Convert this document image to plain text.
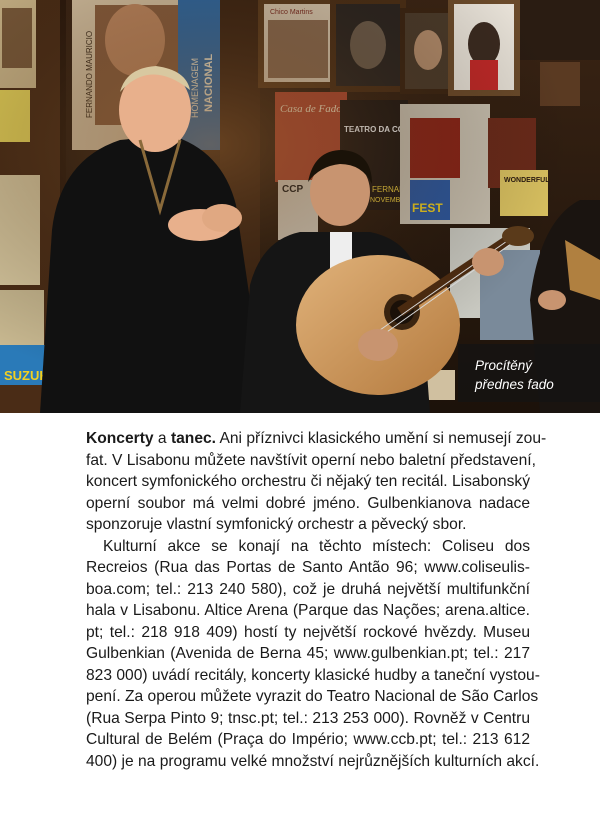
Procítěný
přednes fado
Koncerty a tanec. Ani příznivci klasického umění si nemusejí zou-
fat. V Lisabonu můžete navštívit operní nebo baletní představení,
koncert symfonického orchestru či nějaký ten recitál. Lisabonský
operní soubor má velmi dobré jméno. Gulbenkianova nadace
sponzoruje vlastní symfonický orchestr a pěvecký sbor.
Kulturní akce se konají na těchto místech: Coliseu dos
Recreios (Rua das Portas de Santo Antão 96; www.coliseulis-
boa.com; tel.: 213 240 580), což je druhá největší multifunkční
hala v Lisabonu. Altice Arena (Parque das Nações; arena.altice.
pt; tel.: 218 918 409) hostí ty největší rockové hvězdy. Museu
Gulbenkian (Avenida de Berna 45; www.gulbenkian.pt; tel.: 217
823 000) uvádí recitály, koncerty klasické hudby a taneční vystou-
pení. Za operou můžete vyrazit do Teatro Nacional de São Carlos
(Rua Serpa Pinto 9; tnsc.pt; tel.: 213 253 000). Rovněž v Centru
Cultural de Belém (Praça do Império; www.ccb.pt; tel.: 213 612
400) je na programu velké množství nejrůznějších kulturních akcí.
